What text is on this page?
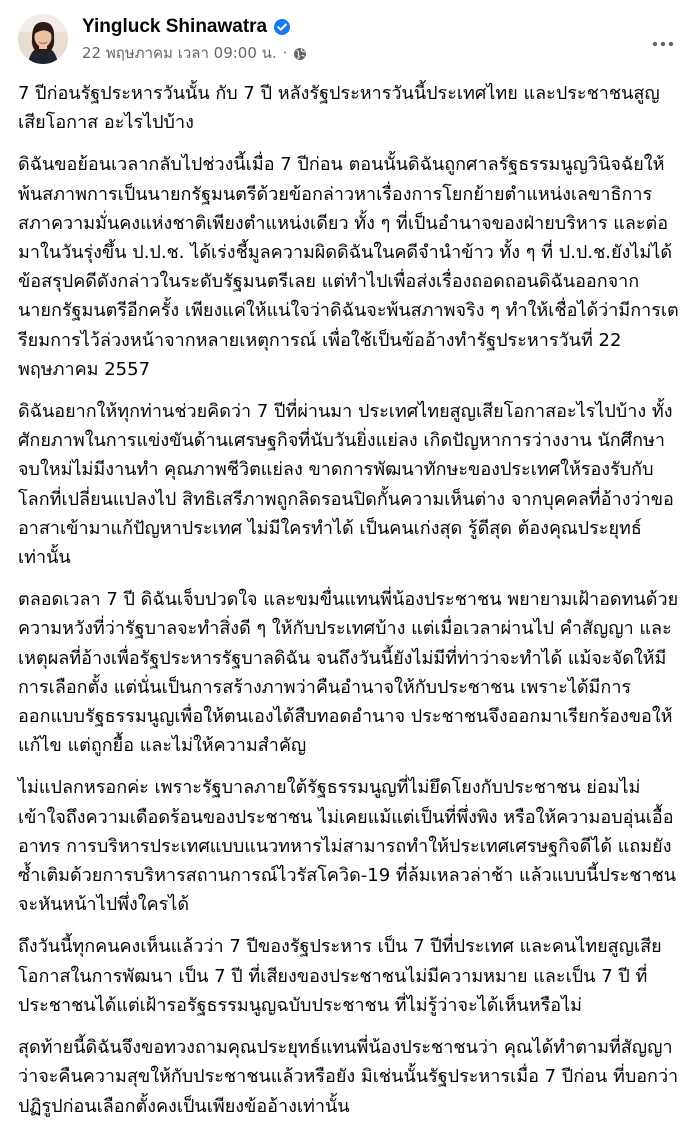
Yingluck Shinawatra
22 พฤษภาคม เวลา 09:00 น. ·

7 ปีก่อนรัฐประหารวันนั้น กับ 7 ปี หลังรัฐประหารวันนี้ประเทศไทย และประชาชนสูญเสียโอกาส อะไรไปบ้าง

ดิฉันขอย้อนเวลากลับไปช่วงนี้เมื่อ 7 ปีก่อน ตอนนั้นดิฉันถูกศาลรัฐธรรมนูญวินิจฉัยให้พ้นสภาพการเป็นนายกรัฐมนตรีด้วยข้อกล่าวหาเรื่องการโยกย้ายตำแหน่งเลขาธิการสภาความมั่นคงแห่งชาติเพียงตำแหน่งเดียว ทั้ง ๆ ที่เป็นอำนาจของฝ่ายบริหาร และต่อมาในวันรุ่งขึ้น ป.ป.ช. ได้เร่งชี้มูลความผิดดิฉันในคดีจำนำข้าว ทั้ง ๆ ที่ ป.ป.ช.ยังไม่ได้ข้อสรุปคดีดังกล่าวในระดับรัฐมนตรีเลย แต่ทำไปเพื่อส่งเรื่องถอดถอนดิฉันออกจากนายกรัฐมนตรีอีกครั้ง เพียงแค่ให้แน่ใจว่าดิฉันจะพ้นสภาพจริง ๆ ทำให้เชื่อได้ว่ามีการเตรียมการไว้ล่วงหน้าจากหลายเหตุการณ์ เพื่อใช้เป็นข้ออ้างทำรัฐประหารวันที่ 22 พฤษภาคม 2557

ดิฉันอยากให้ทุกท่านช่วยคิดว่า 7 ปีที่ผ่านมา ประเทศไทยสูญเสียโอกาสอะไรไปบ้าง ทั้งศักยภาพในการแข่งขันด้านเศรษฐกิจที่นับวันยิ่งแย่ลง เกิดปัญหาการว่างงาน นักศึกษาจบใหม่ไม่มีงานทำ คุณภาพชีวิตแย่ลง ขาดการพัฒนาทักษะของประเทศให้รองรับกับโลกที่เปลี่ยนแปลงไป สิทธิเสรีภาพถูกลิดรอนปิดกั้นความเห็นต่าง จากบุคคลที่อ้างว่าขออาสาเข้ามาแก้ปัญหาประเทศ ไม่มีใครทำได้ เป็นคนเก่งสุด รู้ดีสุด ต้องคุณประยุทธ์เท่านั้น

ตลอดเวลา 7 ปี ดิฉันเจ็บปวดใจ และขมขื่นแทนพี่น้องประชาชน พยายามเฝ้าอดทนด้วยความหวังที่ว่ารัฐบาลจะทำสิ่งดี ๆ ให้กับประเทศบ้าง แต่เมื่อเวลาผ่านไป คำสัญญา และเหตุผลที่อ้างเพื่อรัฐประหารรัฐบาลดิฉัน จนถึงวันนี้ยังไม่มีที่ท่าว่าจะทำได้ แม้จะจัดให้มีการเลือกตั้ง แต่นั่นเป็นการสร้างภาพว่าคืนอำนาจให้กับประชาชน เพราะได้มีการออกแบบรัฐธรรมนูญเพื่อให้ตนเองได้สืบทอดอำนาจ ประชาชนจึงออกมาเรียกร้องขอให้แก้ไข แต่ถูกยื้อ และไม่ให้ความสำคัญ

ไม่แปลกหรอกค่ะ เพราะรัฐบาลภายใต้รัฐธรรมนูญที่ไม่ยึดโยงกับประชาชน ย่อมไม่เข้าใจถึงความเดือดร้อนของประชาชน ไม่เคยแม้แต่เป็นที่พึ่งพิง หรือให้ความอบอุ่นเอื้ออาทร การบริหารประเทศแบบแนวทหารไม่สามารถทำให้ประเทศเศรษฐกิจดีได้ แถมยังซ้ำเติมด้วยการบริหารสถานการณ์ไวรัสโควิด-19 ที่ล้มเหลวล่าช้า แล้วแบบนี้ประชาชนจะหันหน้าไปพึ่งใครได้

ถึงวันนี้ทุกคนคงเห็นแล้วว่า 7 ปีของรัฐประหาร เป็น 7 ปีที่ประเทศ และคนไทยสูญเสียโอกาสในการพัฒนา เป็น 7 ปี ที่เสียงของประชาชนไม่มีความหมาย และเป็น 7 ปี ที่ประชาชนได้แต่เฝ้ารอรัฐธรรมนูญฉบับประชาชน ที่ไม่รู้ว่าจะได้เห็นหรือไม่

สุดท้ายนี้ดิฉันจึงขอทวงถามคุณประยุทธ์แทนพี่น้องประชาชนว่า คุณได้ทำตามที่สัญญาว่าจะคืนความสุขให้กับประชาชนแล้วหรือยัง มิเช่นนั้นรัฐประหารเมื่อ 7 ปีก่อน ที่บอกว่าปฏิรูปก่อนเลือกตั้งคงเป็นเพียงข้ออ้างเท่านั้น
